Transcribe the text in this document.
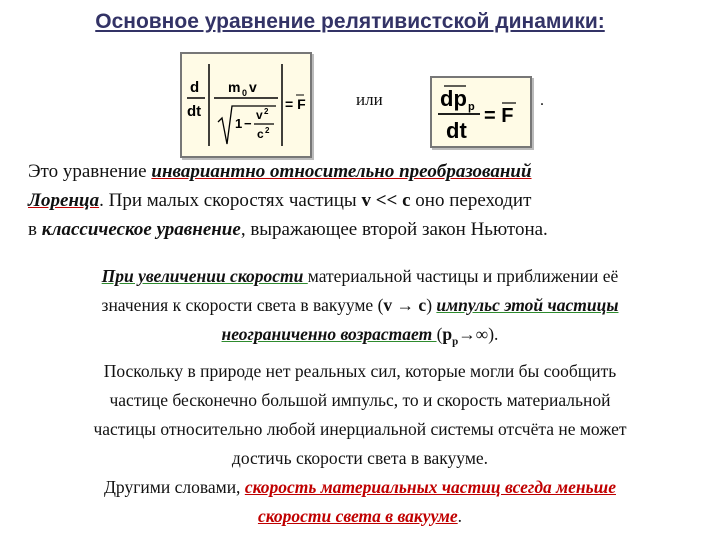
Основное уравнение релятивистской динамики:
d
dt
m 0 v
1 −
v 2
c 2
= F	или	dp p
dt
= F
.
Это уравнение инвариантно относительно преобразований
Лоренца. При малых скоростях частицы v << c оно переходит
в классическое уравнение, выражающее второй закон Ньютона.
При увеличении скорости материальной частицы и приближении её
значения к скорости света в вакууме (v → c) импульс этой частицы
неограниченно возрастает $(p_p\to\infty)$.
Поскольку в природе нет реальных сил, которые могли бы сообщить
частице бесконечно большой импульс, то и скорость материальной
частицы относительно любой инерциальной системы отсчёта не может
достичь скорости света в вакууме.
Другими словами, скорость материальных частиц всегда меньше
скорости света в вакууме.
